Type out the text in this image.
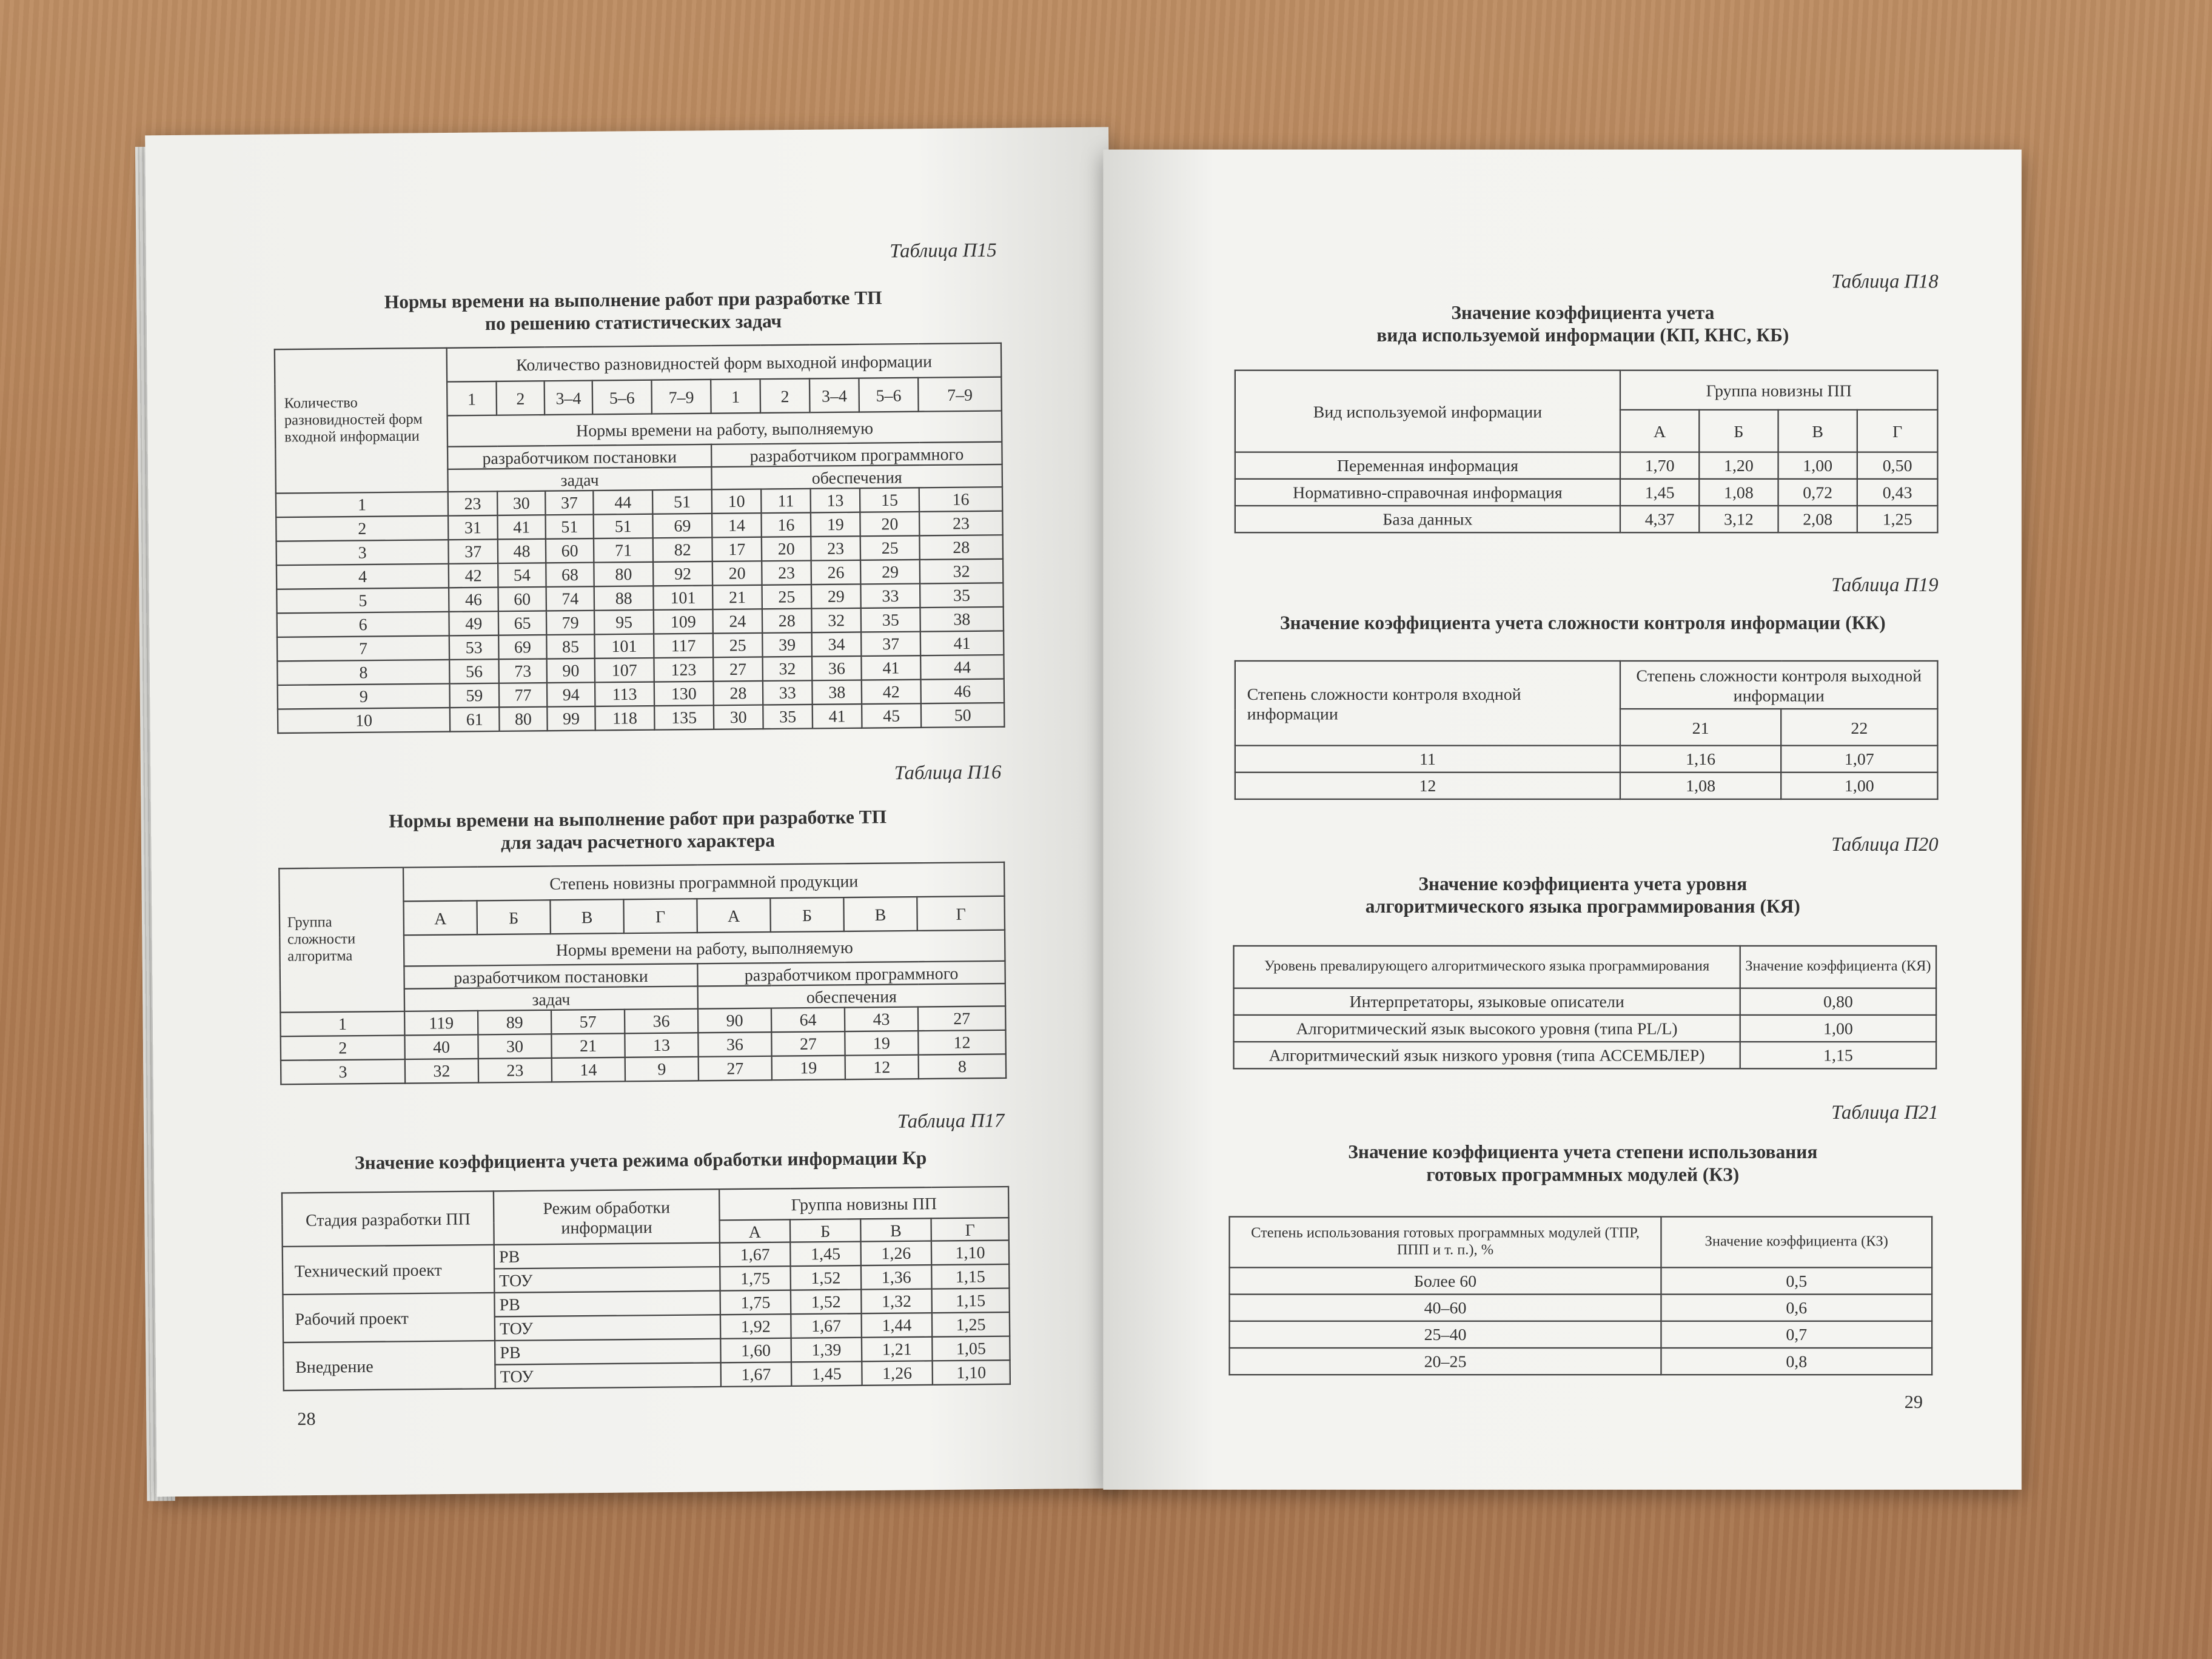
Таблица П15
Нормы времени на выполнение работ при разработке ТП
по решению статистических задач
Количество разновидностей форм входной информации	Количество разновидностей форм выходной информации									
	1	2	3–4	5–6	7–9	1	2	3–4	5–6	7–9
	Нормы времени на работу, выполняемую									
	разработчиком постановки					разработчиком программного				
	задач					обеспечения				
1	23	30	37	44	51	10	11	13	15	16
2	31	41	51	51	69	14	16	19	20	23
3	37	48	60	71	82	17	20	23	25	28
4	42	54	68	80	92	20	23	26	29	32
5	46	60	74	88	101	21	25	29	33	35
6	49	65	79	95	109	24	28	32	35	38
7	53	69	85	101	117	25	39	34	37	41
8	56	73	90	107	123	27	32	36	41	44
9	59	77	94	113	130	28	33	38	42	46
10	61	80	99	118	135	30	35	41	45	50
Таблица П16
Нормы времени на выполнение работ при разработке ТП
для задач расчетного характера
Группа сложности алгоритма	Степень новизны программной продукции							
	А	Б	В	Г	А	Б	В	Г
	Нормы времени на работу, выполняемую							
	разработчиком постановки				разработчиком программного			
	задач				обеспечения			
1	119	89	57	36	90	64	43	27
2	40	30	21	13	36	27	19	12
3	32	23	14	9	27	19	12	8
Таблица П17
Значение коэффициента учета режима обработки информации Кр
Стадия разработки ПП	Режим обработки информации	Группа новизны ПП			
		А	Б	В	Г
Технический проект	РВ	1,67	1,45	1,26	1,10
	ТОУ	1,75	1,52	1,36	1,15
Рабочий проект	РВ	1,75	1,52	1,32	1,15
	ТОУ	1,92	1,67	1,44	1,25
Внедрение	РВ	1,60	1,39	1,21	1,05
	ТОУ	1,67	1,45	1,26	1,10
28
Таблица П18
Значение коэффициента учета
вида используемой информации (КП, КНС, КБ)
Вид используемой информации	Группа новизны ПП			
	А	Б	В	Г
Переменная информация	1,70	1,20	1,00	0,50
Нормативно-справочная информация	1,45	1,08	0,72	0,43
База данных	4,37	3,12	2,08	1,25
Таблица П19
Значение коэффициента учета сложности контроля информации (КК)
Степень сложности контроля входной информации	Степень сложности контроля выходной информации	
	21	22
11	1,16	1,07
12	1,08	1,00
Таблица П20
Значение коэффициента учета уровня
алгоритмического языка программирования (КЯ)
Уровень превалирующего алгоритмического языка программирования	Значение коэффициента (КЯ)
Интерпретаторы, языковые описатели	0,80
Алгоритмический язык высокого уровня (типа PL/L)	1,00
Алгоритмический язык низкого уровня (типа АССЕМБЛЕР)	1,15
Таблица П21
Значение коэффициента учета степени использования
готовых программных модулей (КЗ)
Степень использования готовых программных модулей (ТПР, ППП и т. п.), %	Значение коэффициента (КЗ)
Более 60	0,5
40–60	0,6
25–40	0,7
20–25	0,8
29
